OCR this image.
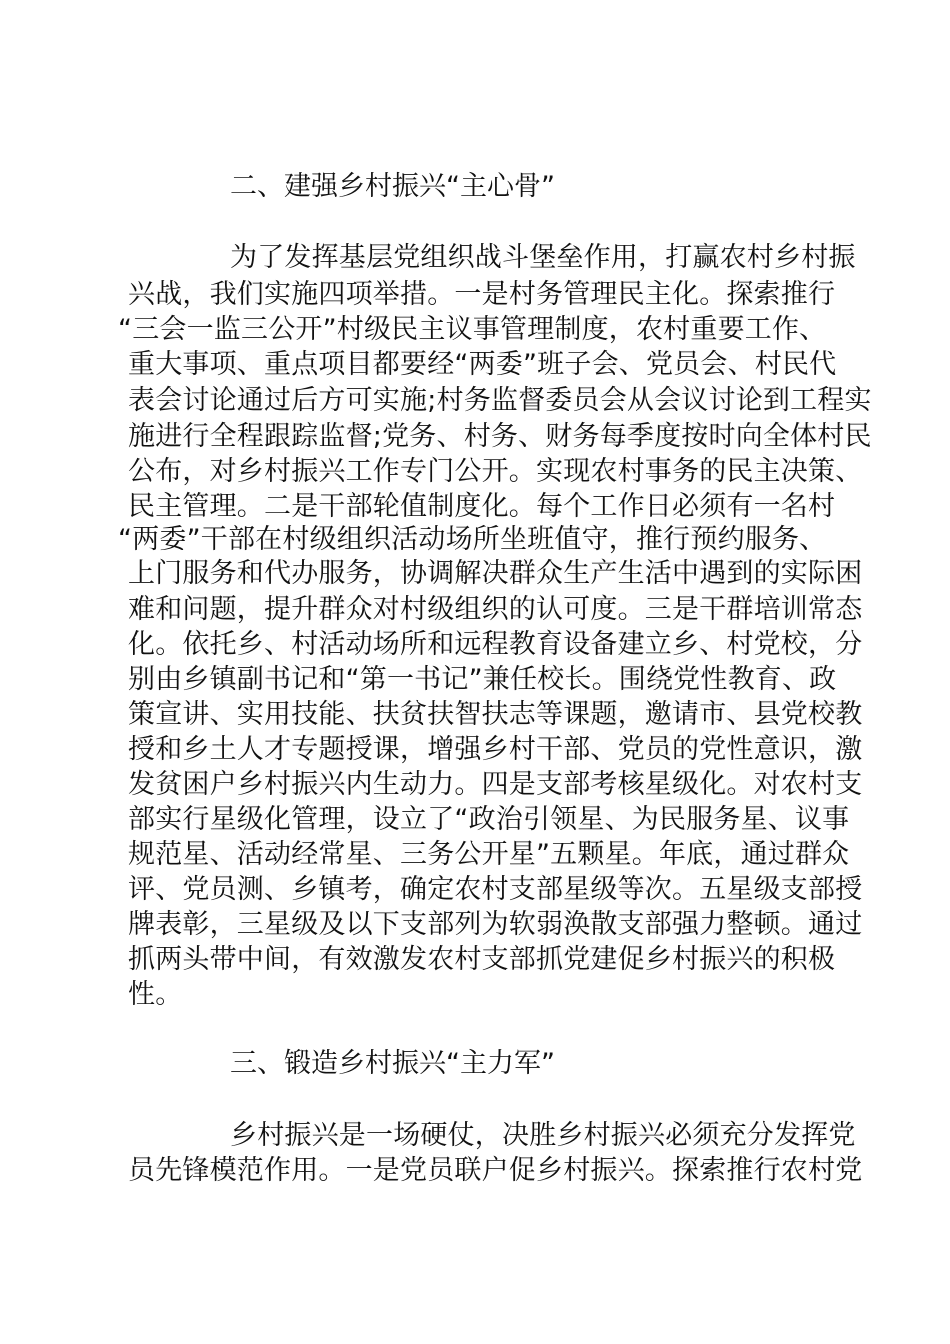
二、建强乡村振兴“主心骨”
为了发挥基层党组织战斗堡垒作用，打赢农村乡村振
兴战，我们实施四项举措。一是村务管理民主化。探索推行
“三会一监三公开”村级民主议事管理制度，农村重要工作、
重大事项、重点项目都要经“两委”班子会、党员会、村民代
表会讨论通过后方可实施;村务监督委员会从会议讨论到工程实
施进行全程跟踪监督;党务、村务、财务每季度按时向全体村民
公布，对乡村振兴工作专门公开。实现农村事务的民主决策、
民主管理。二是干部轮值制度化。每个工作日必须有一名村
“两委”干部在村级组织活动场所坐班值守，推行预约服务、
上门服务和代办服务，协调解决群众生产生活中遇到的实际困
难和问题，提升群众对村级组织的认可度。三是干群培训常态
化。依托乡、村活动场所和远程教育设备建立乡、村党校，分
别由乡镇副书记和“第一书记”兼任校长。围绕党性教育、政
策宣讲、实用技能、扶贫扶智扶志等课题，邀请市、县党校教
授和乡土人才专题授课，增强乡村干部、党员的党性意识，激
发贫困户乡村振兴内生动力。四是支部考核星级化。对农村支
部实行星级化管理，设立了“政治引领星、为民服务星、议事
规范星、活动经常星、三务公开星”五颗星。年底，通过群众
评、党员测、乡镇考，确定农村支部星级等次。五星级支部授
牌表彰，三星级及以下支部列为软弱涣散支部强力整顿。通过
抓两头带中间，有效激发农村支部抓党建促乡村振兴的积极
性。
三、锻造乡村振兴“主力军”
乡村振兴是一场硬仗，决胜乡村振兴必须充分发挥党
员先锋模范作用。一是党员联户促乡村振兴。探索推行农村党
